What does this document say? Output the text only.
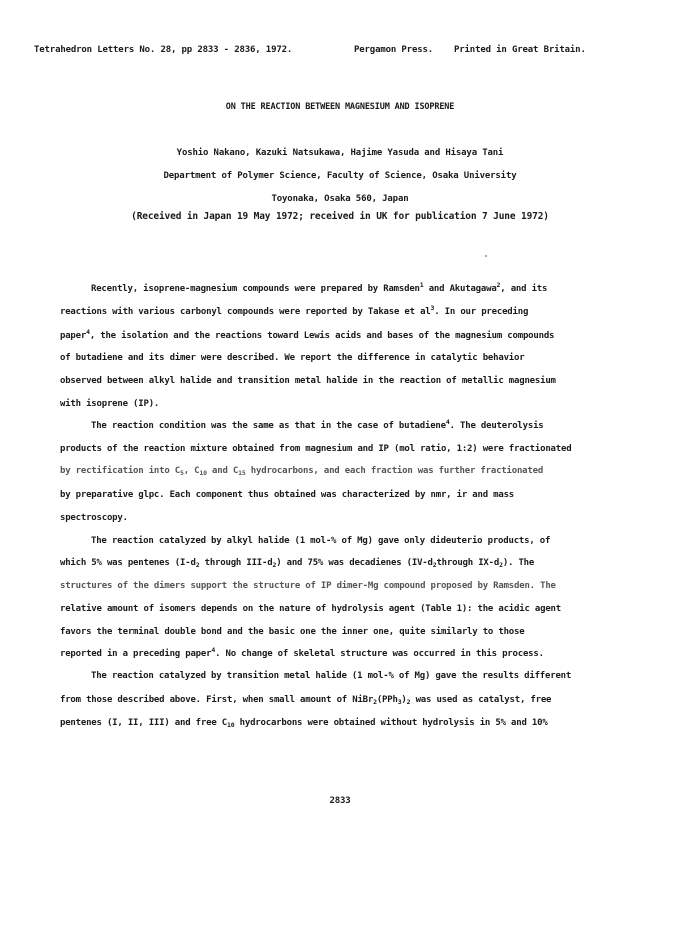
Tetrahedron Letters No. 28, pp 2833 - 2836, 1972.	Pergamon Press. Printed in Great Britain.
ON THE REACTION BETWEEN MAGNESIUM AND ISOPRENE
Yoshio Nakano, Kazuki Natsukawa, Hajime Yasuda and Hisaya Tani
Department of Polymer Science, Faculty of Science, Osaka University
Toyonaka, Osaka 560, Japan
(Received in Japan 19 May 1972; received in UK for publication 7 June 1972)
Recently, isoprene-magnesium compounds were prepared by Ramsden$^1$ and Akutagawa$^2$, and its
reactions with various carbonyl compounds were reported by Takase et $al^3$. In our preceding
paper$^4$, the isolation and the reactions toward Lewis acids and bases of the magnesium compounds
of butadiene and its dimer were described. We report the difference in catalytic behavior
observed between alkyl halide and transition metal halide in the reaction of metallic magnesium
with isoprene (IP).
The reaction condition was the same as that in the case of butadiene$^4$. The deuterolysis
products of the reaction mixture obtained from magnesium and IP (mol ratio, 1:2) were fractionated
by rectification into $C_5$, $C_{10}$ and $C_{15}$ hydrocarbons, and each fraction was further fractionated
by preparative glpc. Each component thus obtained was characterized by nmr, ir and mass
spectroscopy.
The reaction catalyzed by alkyl halide (1 mol-% of Mg) gave only dideuterio products, of
which 5% was pentenes ($I-d_2$ through III-$d_2$) and 75% was decadienes ($IV-d_2through$ $IX-d_2$). The
structures of the dimers support the structure of IP dimer-Mg compound proposed by Ramsden. The
relative amount of isomers depends on the nature of hydrolysis agent (Table 1): the acidic agent
favors the terminal double bond and the basic one the inner one, quite similarly to those
reported in a preceding paper$^4$. No change of skeletal structure was occurred in this process.
The reaction catalyzed by transition metal halide (1 mol-% of Mg) gave the results different
from those described above. First, when small amount of $NiBr_2(PPh_3)_2$ was used as catalyst, free
pentenes (I, II, III) and free $C_{10}$ hydrocarbons were obtained without hydrolysis in 5% and 10%
2833
